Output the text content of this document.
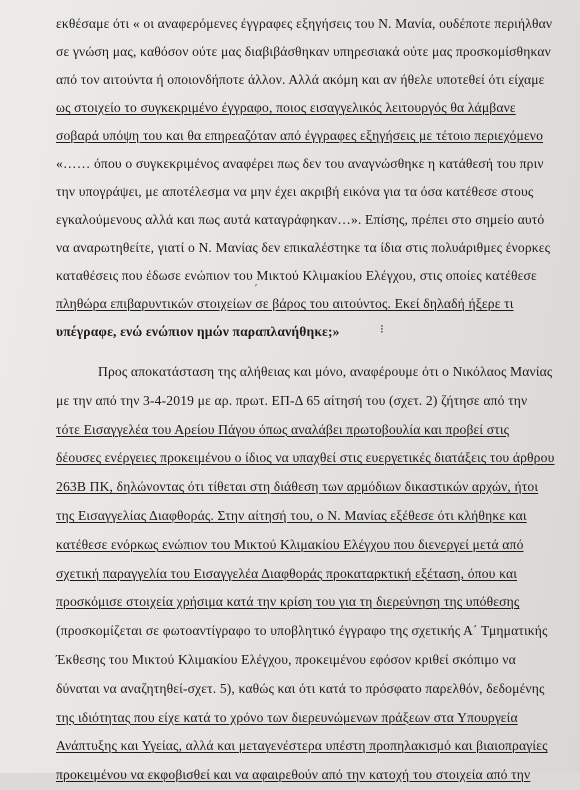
εκθέσαμε ότι « οι αναφερόμενες έγγραφες εξηγήσεις του Ν. Μανία, ουδέποτε περιήλθαν
σε γνώση μας, καθόσον ούτε μας διαβιβάσθηκαν υπηρεσιακά ούτε μας προσκομίσθηκαν
από τον αιτούντα ή οποιονδήποτε άλλον. Αλλά ακόμη και αν ήθελε υποτεθεί ότι είχαμε
ως στοιχείο το συγκεκριμένο έγγραφο, ποιος εισαγγελικός λειτουργός θα λάμβανε
σοβαρά υπόψη του και θα επηρεαζόταν από έγγραφες εξηγήσεις με τέτοιο περιεχόμενο
«…… όπου ο συγκεκριμένος αναφέρει πως δεν του αναγνώσθηκε η κατάθεσή του πριν
την υπογράψει, με αποτέλεσμα να μην έχει ακριβή εικόνα για τα όσα κατέθεσε στους
εγκαλούμενους αλλά και πως αυτά καταγράφηκαν…». Επίσης, πρέπει στο σημείο αυτό
να αναρωτηθείτε, γιατί ο Ν. Μανίας δεν επικαλέστηκε τα ίδια στις πολυάριθμες ένορκες
καταθέσεις που έδωσε ενώπιον του Μικτού Κλιμακίου Ελέγχου, στις οποίες κατέθεσε
πληθώρα επιβαρυντικών στοιχείων σε βάρος του αιτούντος. Εκεί δηλαδή ήξερε τι
υπέγραφε, ενώ ενώπιον ημών παραπλανήθηκε;»
Προς αποκατάσταση της αλήθειας και μόνο, αναφέρουμε ότι ο Νικόλαος Μανίας
με την από την 3-4-2019 με αρ. πρωτ. ΕΠ-Δ 65 αίτησή του (σχετ. 2) ζήτησε από την
τότε Εισαγγελέα του Αρείου Πάγου όπως αναλάβει πρωτοβουλία και προβεί στις
δέουσες ενέργειες προκειμένου ο ίδιος να υπαχθεί στις ευεργετικές διατάξεις του άρθρου
263Β ΠΚ, δηλώνοντας ότι τίθεται στη διάθεση των αρμόδιων δικαστικών αρχών, ήτοι
της Εισαγγελίας Διαφθοράς. Στην αίτησή του, ο Ν. Μανίας εξέθεσε ότι κλήθηκε και
κατέθεσε ενόρκως ενώπιον του Μικτού Κλιμακίου Ελέγχου που διενεργεί μετά από
σχετική παραγγελία του Εισαγγελέα Διαφθοράς προκαταρκτική εξέταση, όπου και
προσκόμισε στοιχεία χρήσιμα κατά την κρίση του για τη διερεύνηση της υπόθεσης
(προσκομίζεται σε φωτοαντίγραφο το υποβλητικό έγγραφο της σχετικής Α΄ Τμηματικής
Έκθεσης του Μικτού Κλιμακίου Ελέγχου, προκειμένου εφόσον κριθεί σκόπιμο να
δύναται να αναζητηθεί-σχετ. 5), καθώς και ότι κατά το πρόσφατο παρελθόν, δεδομένης
της ιδιότητας που είχε κατά το χρόνο των διερευνώμενων πράξεων στα Υπουργεία
Ανάπτυξης και Υγείας, αλλά και μεταγενέστερα υπέστη προπηλακισμό και βιαιοπραγίες
προκειμένου να εκφοβισθεί και να αφαιρεθούν από την κατοχή του στοιχεία από την
⁝
′
